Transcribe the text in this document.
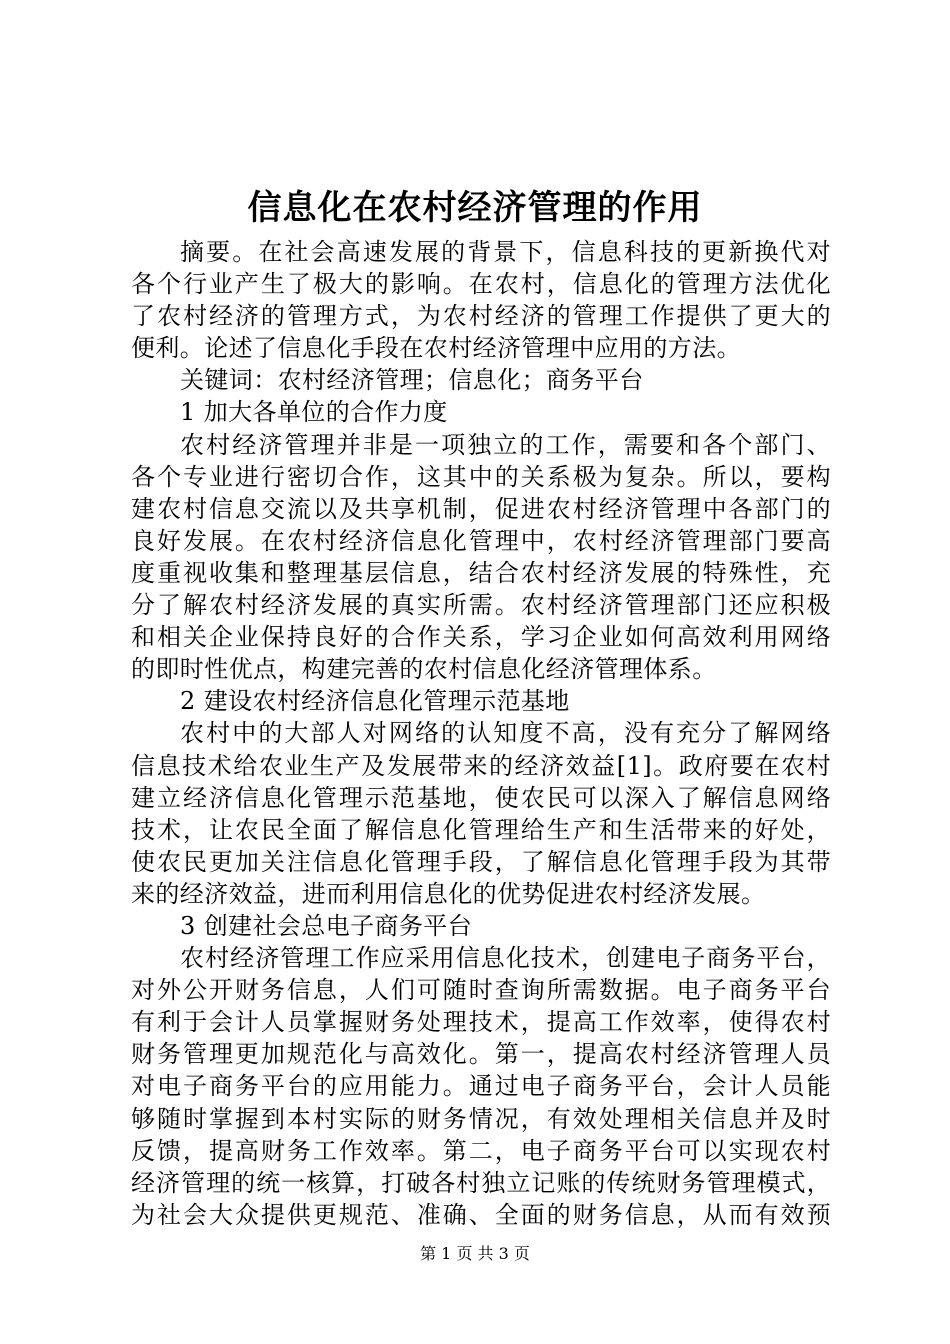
信息化在农村经济管理的作用
摘要。在社会高速发展的背景下，信息科技的更新换代对
各个行业产生了极大的影响。在农村，信息化的管理方法优化
了农村经济的管理方式，为农村经济的管理工作提供了更大的
便利。论述了信息化手段在农村经济管理中应用的方法。
关键词：农村经济管理；信息化；商务平台
1 加大各单位的合作力度
农村经济管理并非是一项独立的工作，需要和各个部门、
各个专业进行密切合作，这其中的关系极为复杂。所以，要构
建农村信息交流以及共享机制，促进农村经济管理中各部门的
良好发展。在农村经济信息化管理中，农村经济管理部门要高
度重视收集和整理基层信息，结合农村经济发展的特殊性，充
分了解农村经济发展的真实所需。农村经济管理部门还应积极
和相关企业保持良好的合作关系，学习企业如何高效利用网络
的即时性优点，构建完善的农村信息化经济管理体系。
2 建设农村经济信息化管理示范基地
农村中的大部人对网络的认知度不高，没有充分了解网络
信息技术给农业生产及发展带来的经济效益[1]。政府要在农村
建立经济信息化管理示范基地，使农民可以深入了解信息网络
技术，让农民全面了解信息化管理给生产和生活带来的好处，
使农民更加关注信息化管理手段，了解信息化管理手段为其带
来的经济效益，进而利用信息化的优势促进农村经济发展。
3 创建社会总电子商务平台
农村经济管理工作应采用信息化技术，创建电子商务平台，
对外公开财务信息，人们可随时查询所需数据。电子商务平台
有利于会计人员掌握财务处理技术，提高工作效率，使得农村
财务管理更加规范化与高效化。第一，提高农村经济管理人员
对电子商务平台的应用能力。通过电子商务平台，会计人员能
够随时掌握到本村实际的财务情况，有效处理相关信息并及时
反馈，提高财务工作效率。第二，电子商务平台可以实现农村
经济管理的统一核算，打破各村独立记账的传统财务管理模式，
为社会大众提供更规范、准确、全面的财务信息，从而有效预
第 1 页 共 3 页
